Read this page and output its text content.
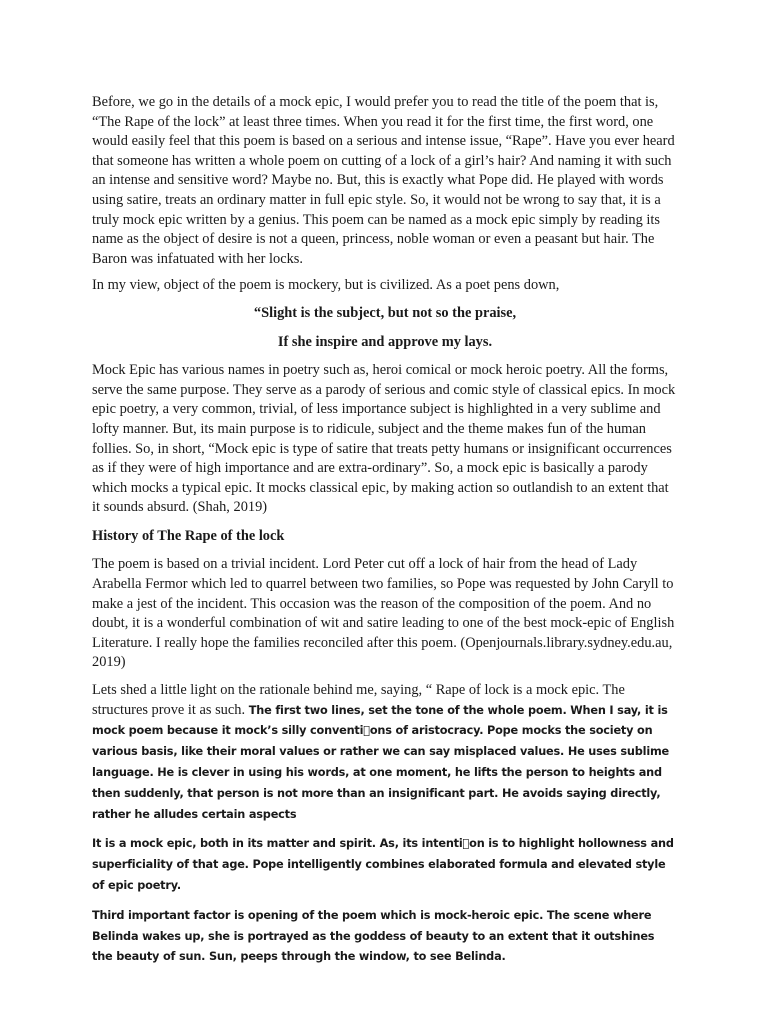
Before, we go in the details of a mock epic, I would prefer you to read the title of the poem that is, “The Rape of the lock” at least three times. When you read it for the first time, the first word, one would easily feel that this poem is based on a serious and intense issue, “Rape”. Have you ever heard that someone has written a whole poem on cutting of a lock of a girl’s hair? And naming it with such an intense and sensitive word? Maybe no. But, this is exactly what Pope did. He played with words using satire, treats an ordinary matter in full epic style. So, it would not be wrong to say that, it is a truly mock epic written by a genius. This poem can be named as a mock epic simply by reading its name as the object of desire is not a queen, princess, noble woman or even a peasant but hair. The Baron was infatuated with her locks.

In my view, object of the poem is mockery, but is civilized. As a poet pens down,

“Slight is the subject, but not so the praise,

If she inspire and approve my lays.

Mock Epic has various names in poetry such as, heroi comical or mock heroic poetry. All the forms, serve the same purpose. They serve as a parody of serious and comic style of classical epics. In mock epic poetry, a very common, trivial, of less importance subject is highlighted in a very sublime and lofty manner. But, its main purpose is to ridicule, subject and the theme makes fun of the human follies. So, in short, “Mock epic is type of satire that treats petty humans or insignificant occurrences as if they were of high importance and are extra-ordinary”. So, a mock epic is basically a parody which mocks a typical epic. It mocks classical epic, by making action so outlandish to an extent that it sounds absurd. (Shah, 2019)

History of The Rape of the lock

The poem is based on a trivial incident. Lord Peter cut off a lock of hair from the head of Lady Arabella Fermor which led to quarrel between two families, so Pope was requested by John Caryll to make a jest of the incident. This occasion was the reason of the composition of the poem. And no doubt, it is a wonderful combination of wit and satire leading to one of the best mock-epic of English Literature. I really hope the families reconciled after this poem. (Openjournals.library.sydney.edu.au, 2019)

Lets shed a little light on the rationale behind me, saying, “ Rape of lock is a mock epic. The structures prove it as such. The first two lines, set the tone of the whole poem. When I say, it is mock poem because it mock’s silly conventi ons of aristocracy. Pope mocks the society on various basis, like their moral values or rather we can say misplaced values. He uses sublime language. He is clever in using his words, at one moment, he lifts the person to heights and then suddenly, that person is not more than an insignificant part. He avoids saying directly, rather he alludes certain aspects

It is a mock epic, both in its matter and spirit. As, its intenti on is to highlight hollowness and superficiality of that age. Pope intelligently combines elaborated formula and elevated style of epic poetry.

Third important factor is opening of the poem which is mock-heroic epic. The scene where Belinda wakes up, she is portrayed as the goddess of beauty to an extent that it outshines the beauty of sun. Sun, peeps through the window, to see Belinda.
